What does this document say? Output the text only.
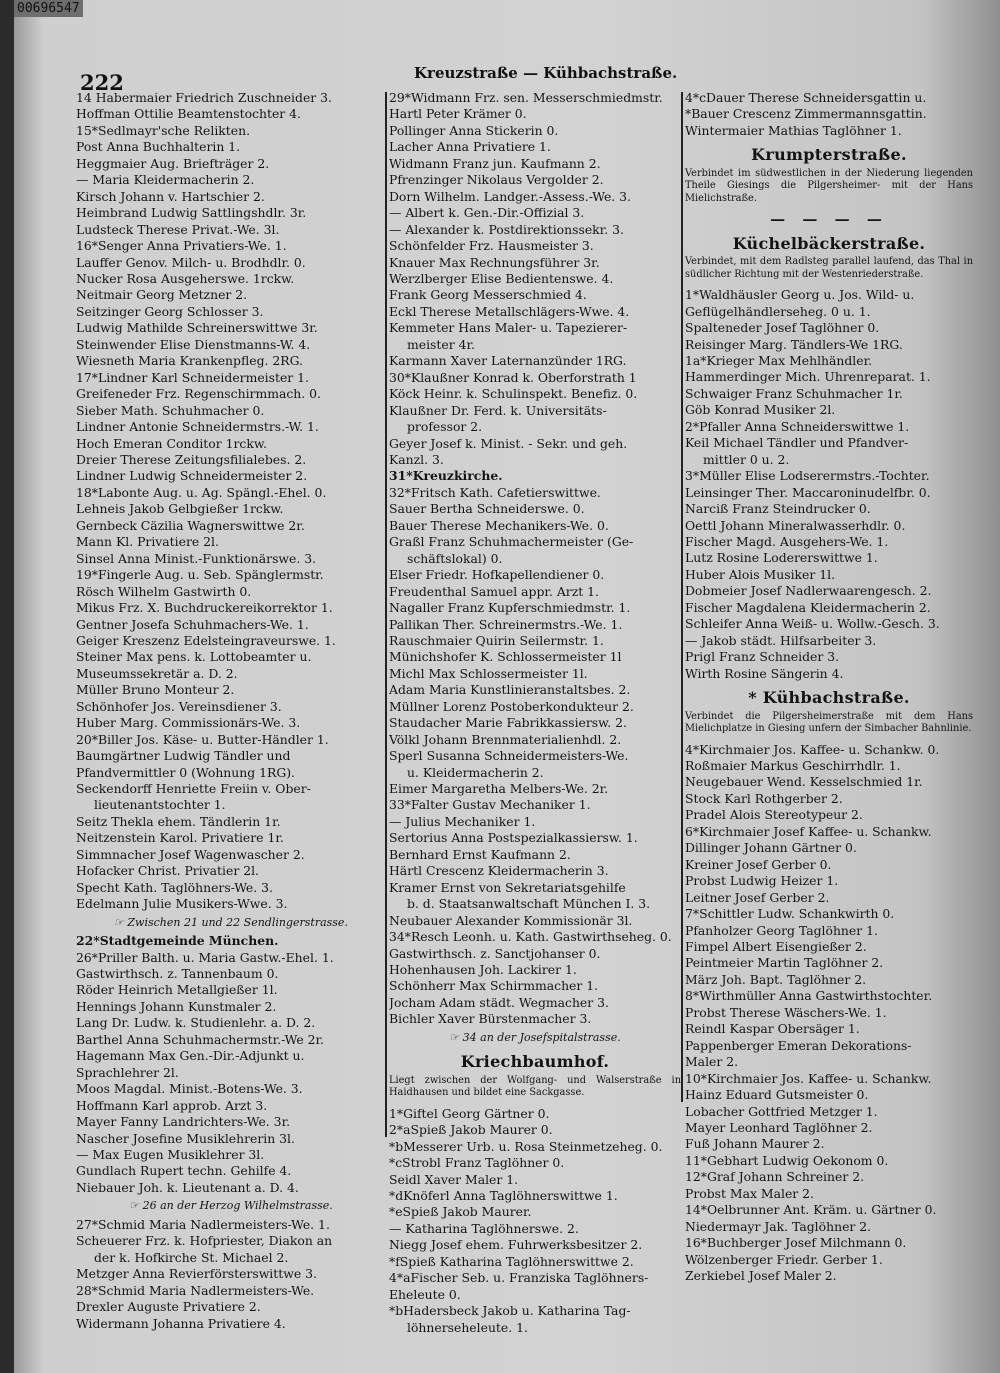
00696547
222	Kreuzstraße — Kühbachstraße.
14 Habermaier Friedrich Zuschneider 3.
Hoffman Ottilie Beamtenstochter 4.
15*Sedlmayr'sche Relikten.
Post Anna Buchhalterin 1.
Heggmaier Aug. Briefträger 2.
— Maria Kleidermacherin 2.
Kirsch Johann v. Hartschier 2.
Heimbrand Ludwig Sattlingshdlr. 3r.
Ludsteck Therese Privat.-We. 3l.
16*Senger Anna Privatiers-We. 1.
Lauffer Genov. Milch- u. Brodhdlr. 0.
Nucker Rosa Ausgeherswe. 1rckw.
Neitmair Georg Metzner 2.
Seitzinger Georg Schlosser 3.
Ludwig Mathilde Schreinerswittwe 3r.
Steinwender Elise Dienstmanns-W. 4.
Wiesneth Maria Krankenpfleg. 2RG.
17*Lindner Karl Schneidermeister 1.
Greifeneder Frz. Regenschirmmach. 0.
Sieber Math. Schuhmacher 0.
Lindner Antonie Schneidermstrs.-W. 1.
Hoch Emeran Conditor 1rckw.
Dreier Therese Zeitungsfilialebes. 2.
Lindner Ludwig Schneidermeister 2.
18*Labonte Aug. u. Ag. Spängl.-Ehel. 0.
Lehneis Jakob Gelbgießer 1rckw.
Gernbeck Cäzilia Wagnerswittwe 2r.
Mann Kl. Privatiere 2l.
Sinsel Anna Minist.-Funktionärswe. 3.
19*Fingerle Aug. u. Seb. Spänglermstr.
Rösch Wilhelm Gastwirth 0.
Mikus Frz. X. Buchdruckereikorrektor 1.
Gentner Josefa Schuhmachers-We. 1.
Geiger Kreszenz Edelsteingraveurswe. 1.
Steiner Max pens. k. Lottobeamter u.
Museumssekretär a. D. 2.
Müller Bruno Monteur 2.
Schönhofer Jos. Vereinsdiener 3.
Huber Marg. Commissionärs-We. 3.
20*Biller Jos. Käse- u. Butter-Händler 1.
Baumgärtner Ludwig Tändler und
Pfandvermittler 0 (Wohnung 1RG).
Seckendorff Henriette Freiin v. Ober-
lieutenantstochter 1.
Seitz Thekla ehem. Tändlerin 1r.
Neitzenstein Karol. Privatiere 1r.
Simmnacher Josef Wagenwascher 2.
Hofacker Christ. Privatier 2l.
Specht Kath. Taglöhners-We. 3.
Edelmann Julie Musikers-Wwe. 3.
☞ Zwischen 21 und 22 Sendlingerstrasse.
22*Stadtgemeinde München.
26*Priller Balth. u. Maria Gastw.-Ehel. 1.
Gastwirthsch. z. Tannenbaum 0.
Röder Heinrich Metallgießer 1l.
Hennings Johann Kunstmaler 2.
Lang Dr. Ludw. k. Studienlehr. a. D. 2.
Barthel Anna Schuhmachermstr.-We 2r.
Hagemann Max Gen.-Dir.-Adjunkt u.
Sprachlehrer 2l.
Moos Magdal. Minist.-Botens-We. 3.
Hoffmann Karl approb. Arzt 3.
Mayer Fanny Landrichters-We. 3r.
Nascher Josefine Musiklehrerin 3l.
— Max Eugen Musiklehrer 3l.
Gundlach Rupert techn. Gehilfe 4.
Niebauer Joh. k. Lieutenant a. D. 4.
☞ 26 an der Herzog Wilhelmstrasse.
27*Schmid Maria Nadlermeisters-We. 1.
Scheuerer Frz. k. Hofpriester, Diakon an
der k. Hofkirche St. Michael 2.
Metzger Anna Revierförsterswittwe 3.
28*Schmid Maria Nadlermeisters-We.
Drexler Auguste Privatiere 2.
Widermann Johanna Privatiere 4.
29*Widmann Frz. sen. Messerschmiedmstr.
Hartl Peter Krämer 0.
Pollinger Anna Stickerin 0.
Lacher Anna Privatiere 1.
Widmann Franz jun. Kaufmann 2.
Pfrenzinger Nikolaus Vergolder 2.
Dorn Wilhelm. Landger.-Assess.-We. 3.
— Albert k. Gen.-Dir.-Offizial 3.
— Alexander k. Postdirektionssekr. 3.
Schönfelder Frz. Hausmeister 3.
Knauer Max Rechnungsführer 3r.
Werzlberger Elise Bedientenswe. 4.
Frank Georg Messerschmied 4.
Eckl Therese Metallschlägers-Wwe. 4.
Kemmeter Hans Maler- u. Tapezierer-
meister 4r.
Karmann Xaver Laternanzünder 1RG.
30*Klaußner Konrad k. Oberforstrath 1
Köck Heinr. k. Schulinspekt. Benefiz. 0.
Klaußner Dr. Ferd. k. Universitäts-
professor 2.
Geyer Josef k. Minist. - Sekr. und geh.
Kanzl. 3.
31*Kreuzkirche.
32*Fritsch Kath. Cafetierswittwe.
Sauer Bertha Schneiderswe. 0.
Bauer Therese Mechanikers-We. 0.
Graßl Franz Schuhmachermeister (Ge-
schäftslokal) 0.
Elser Friedr. Hofkapellendiener 0.
Freudenthal Samuel appr. Arzt 1.
Nagaller Franz Kupferschmiedmstr. 1.
Pallikan Ther. Schreinermstrs.-We. 1.
Rauschmaier Quirin Seilermstr. 1.
Münichshofer K. Schlossermeister 1l
Michl Max Schlossermeister 1l.
Adam Maria Kunstlinieranstaltsbes. 2.
Müllner Lorenz Postoberkondukteur 2.
Staudacher Marie Fabrikkassiersw. 2.
Völkl Johann Brennmaterialienhdl. 2.
Sperl Susanna Schneidermeisters-We.
u. Kleidermacherin 2.
Eimer Margaretha Melbers-We. 2r.
33*Falter Gustav Mechaniker 1.
— Julius Mechaniker 1.
Sertorius Anna Postspezialkassiersw. 1.
Bernhard Ernst Kaufmann 2.
Härtl Crescenz Kleidermacherin 3.
Kramer Ernst von Sekretariatsgehilfe
b. d. Staatsanwaltschaft München I. 3.
Neubauer Alexander Kommissionär 3l.
34*Resch Leonh. u. Kath. Gastwirthseheg. 0.
Gastwirthsch. z. Sanctjohanser 0.
Hohenhausen Joh. Lackirer 1.
Schönherr Max Schirmmacher 1.
Jocham Adam städt. Wegmacher 3.
Bichler Xaver Bürstenmacher 3.
☞ 34 an der Josefspitalstrasse.
Kriechbaumhof.
Liegt zwischen der Wolfgang- und Walserstraße in Haidhausen und bildet eine Sackgasse.
1*Giftel Georg Gärtner 0.
2*aSpieß Jakob Maurer 0.
*bMesserer Urb. u. Rosa Steinmetzeheg. 0.
*cStrobl Franz Taglöhner 0.
Seidl Xaver Maler 1.
*dKnöferl Anna Taglöhnerswittwe 1.
*eSpieß Jakob Maurer.
— Katharina Taglöhnerswe. 2.
Niegg Josef ehem. Fuhrwerksbesitzer 2.
*fSpieß Katharina Taglöhnerswittwe 2.
4*aFischer Seb. u. Franziska Taglöhners-
Eheleute 0.
*bHadersbeck Jakob u. Katharina Tag-
löhnerseheleute. 1.
4*cDauer Therese Schneidersgattin u.
*Bauer Crescenz Zimmermannsgattin.
Wintermaier Mathias Taglöhner 1.
Krumpterstraße.
Verbindet im südwestlichen in der Niederung liegenden Theile Giesings die Pilgersheimer- mit der Hans Mielichstraße.
— — — —
Küchelbäckerstraße.
Verbindet, mit dem Radlsteg parallel laufend, das Thal in südlicher Richtung mit der Westenriederstraße.
1*Waldhäusler Georg u. Jos. Wild- u.
Geflügelhändlerseheg. 0 u. 1.
Spalteneder Josef Taglöhner 0.
Reisinger Marg. Tändlers-We 1RG.
1a*Krieger Max Mehlhändler.
Hammerdinger Mich. Uhrenreparat. 1.
Schwaiger Franz Schuhmacher 1r.
Göb Konrad Musiker 2l.
2*Pfaller Anna Schneiderswittwe 1.
Keil Michael Tändler und Pfandver-
mittler 0 u. 2.
3*Müller Elise Lodserermstrs.-Tochter.
Leinsinger Ther. Maccaroninudelfbr. 0.
Narciß Franz Steindrucker 0.
Oettl Johann Mineralwasserhdlr. 0.
Fischer Magd. Ausgehers-We. 1.
Lutz Rosine Lodererswittwe 1.
Huber Alois Musiker 1l.
Dobmeier Josef Nadlerwaarengesch. 2.
Fischer Magdalena Kleidermacherin 2.
Schleifer Anna Weiß- u. Wollw.-Gesch. 3.
— Jakob städt. Hilfsarbeiter 3.
Prigl Franz Schneider 3.
Wirth Rosine Sängerin 4.
* Kühbachstraße.
Verbindet die Pilgersheimerstraße mit dem Hans Mielichplatze in Giesing unfern der Simbacher Bahnlinie.
4*Kirchmaier Jos. Kaffee- u. Schankw. 0.
Roßmaier Markus Geschirrhdlr. 1.
Neugebauer Wend. Kesselschmied 1r.
Stock Karl Rothgerber 2.
Pradel Alois Stereotypeur 2.
6*Kirchmaier Josef Kaffee- u. Schankw.
Dillinger Johann Gärtner 0.
Kreiner Josef Gerber 0.
Probst Ludwig Heizer 1.
Leitner Josef Gerber 2.
7*Schittler Ludw. Schankwirth 0.
Pfanholzer Georg Taglöhner 1.
Fimpel Albert Eisengießer 2.
Peintmeier Martin Taglöhner 2.
März Joh. Bapt. Taglöhner 2.
8*Wirthmüller Anna Gastwirthstochter.
Probst Therese Wäschers-We. 1.
Reindl Kaspar Obersäger 1.
Pappenberger Emeran Dekorations-
Maler 2.
10*Kirchmaier Jos. Kaffee- u. Schankw.
Hainz Eduard Gutsmeister 0.
Lobacher Gottfried Metzger 1.
Mayer Leonhard Taglöhner 2.
Fuß Johann Maurer 2.
11*Gebhart Ludwig Oekonom 0.
12*Graf Johann Schreiner 2.
Probst Max Maler 2.
14*Oelbrunner Ant. Kräm. u. Gärtner 0.
Niedermayr Jak. Taglöhner 2.
16*Buchberger Josef Milchmann 0.
Wölzenberger Friedr. Gerber 1.
Zerkiebel Josef Maler 2.
